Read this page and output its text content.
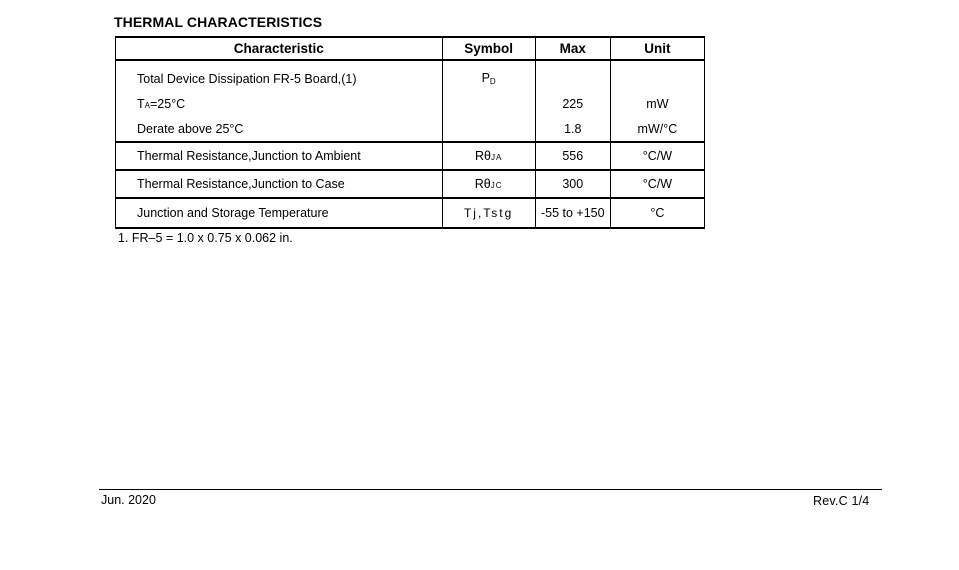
THERMAL CHARACTERISTICS
Characteristic	Symbol	Max	Unit
Total Device Dissipation FR-5 Board,(1)	PD		
TA=25°C		225	mW
Derate above 25°C		1.8	mW/°C
Thermal Resistance,Junction to Ambient	RθJA	556	°C/W
Thermal Resistance,Junction to Case	RθJC	300	°C/W
Junction and Storage Temperature	Tj,Tstg	-55 to +150	°C
1. FR–5 = 1.0 x 0.75 x 0.062 in.
Jun. 2020	Rev.C 1/4
